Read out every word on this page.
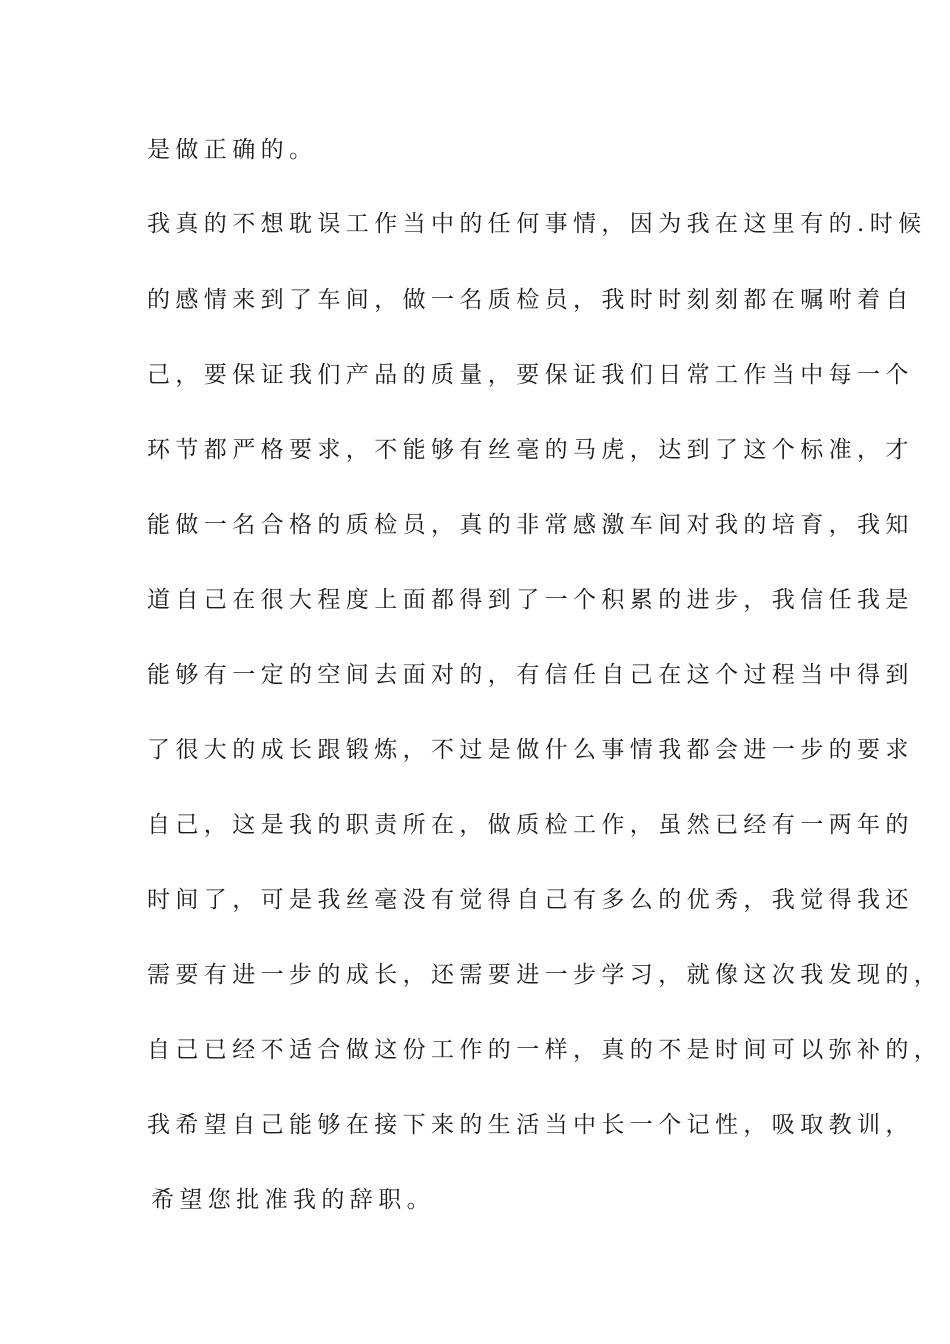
是做正确的。
我真的不想耽误工作当中的任何事情，因为我在这里有的.时候
的感情来到了车间，做一名质检员，我时时刻刻都在嘱咐着自
己，要保证我们产品的质量，要保证我们日常工作当中每一个
环节都严格要求，不能够有丝毫的马虎，达到了这个标准，才
能做一名合格的质检员，真的非常感激车间对我的培育，我知
道自己在很大程度上面都得到了一个积累的进步，我信任我是
能够有一定的空间去面对的，有信任自己在这个过程当中得到
了很大的成长跟锻炼，不过是做什么事情我都会进一步的要求
自己，这是我的职责所在，做质检工作，虽然已经有一两年的
时间了，可是我丝毫没有觉得自己有多么的优秀，我觉得我还
需要有进一步的成长，还需要进一步学习，就像这次我发现的，
自己已经不适合做这份工作的一样，真的不是时间可以弥补的，
我希望自己能够在接下来的生活当中长一个记性，吸取教训，
希望您批准我的辞职。
